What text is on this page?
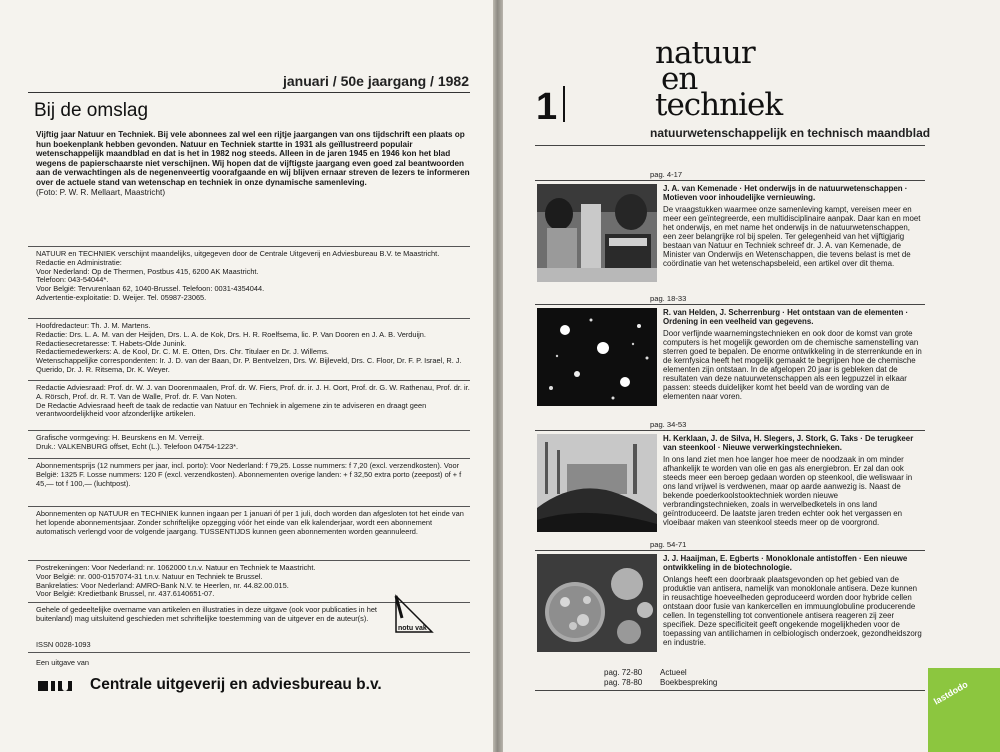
januari / 50e jaargang / 1982
Bij de omslag

Vijftig jaar Natuur en Techniek. Bij vele abonnees zal wel een rijtje jaargangen van ons tijdschrift een plaats op hun boekenplank hebben gevonden. Natuur en Techniek startte in 1931 als geïllustreerd populair wetenschappelijk maandblad en dat is het in 1982 nog steeds. Alleen in de jaren 1945 en 1946 kon het blad wegens de papierschaarste niet verschijnen. Wij hopen dat de vijftigste jaargang even goed zal beantwoorden aan de verwachtingen als de negenenveertig voorafgaande en wij blijven ernaar streven de lezers te informeren over de actuele stand van wetenschap en techniek in onze dynamische samenleving.

(Foto: P. W. R. Mellaart, Maastricht)

NATUUR en TECHNIEK verschijnt maandelijks, uitgegeven door de Centrale Uitgeverij en Adviesbureau B.V. te Maastricht.

Redactie en Administratie:

Voor Nederland: Op de Thermen, Postbus 415, 6200 AK Maastricht.

Telefoon: 043-54044*.

Voor België: Tervurenlaan 62, 1040-Brussel. Telefoon: 0031-4354044.

Advertentie-exploitatie: D. Weijer. Tel. 05987-23065.

Hoofdredacteur: Th. J. M. Martens.

Redactie: Drs. L. A. M. van der Heijden, Drs. L. A. de Kok, Drs. H. R. Roelfsema, lic. P. Van Dooren en J. A. B. Verduijn. Redactiesecretaresse: T. Habets-Olde Junink.

Redactiemedewerkers: A. de Kool, Dr. C. M. E. Otten, Drs. Chr. Titulaer en Dr. J. Willems.

Wetenschappelijke correspondenten: Ir. J. D. van der Baan, Dr. P. Bentvelzen, Drs. W. Bijleveld, Drs. C. Floor, Dr. F. P. Israel, R. J. Querido, Dr. J. R. Ritsema, Dr. K. Weyer.

Redactie Adviesraad: Prof. dr. W. J. van Doorenmaalen, Prof. dr. W. Fiers, Prof. dr. ir. J. H. Oort, Prof. dr. G. W. Rathenau, Prof. dr. ir. A. Rörsch, Prof. dr. R. T. Van de Walle, Prof. dr. F. Van Noten.

De Redactie Adviesraad heeft de taak de redactie van Natuur en Techniek in algemene zin te adviseren en draagt geen verantwoordelijkheid voor afzonderlijke artikelen.

Grafische vormgeving: H. Beurskens en M. Verreijt.

Druk.: VALKENBURG offset, Echt (L.). Telefoon 04754-1223*.

Abonnementsprijs (12 nummers per jaar, incl. porto): Voor Nederland: f 79,25. Losse nummers: f 7,20 (excl. verzendkosten). Voor België: 1325 F. Losse nummers: 120 F (excl. verzendkosten). Abonnementen overige landen: + f 32,50 extra porto (zeepost) of + f 45,— tot f 100,— (luchtpost).

Abonnementen op NATUUR en TECHNIEK kunnen ingaan per 1 januari óf per 1 juli, doch worden dan afgesloten tot het einde van het lopende abonnementsjaar. Zonder schriftelijke opzegging vóór het einde van elk kalenderjaar, wordt een abonnement automatisch verlengd voor de volgende jaargang. TUSSENTIJDS kunnen geen abonnementen worden geannuleerd.

Postrekeningen: Voor Nederland: nr. 1062000 t.n.v. Natuur en Techniek te Maastricht.

Voor België: nr. 000-0157074-31 t.n.v. Natuur en Techniek te Brussel.

Bankrelaties: Voor Nederland: AMRO-Bank N.V. te Heerlen, nr. 44.82.00.015.

Voor België: Kredietbank Brussel, nr. 437.6140651-07.

Gehele of gedeeltelijke overname van artikelen en illustraties in deze uitgave (ook voor publicaties in het buitenland) mag uitsluitend geschieden met schriftelijke toestemming van de uitgever en de auteur(s).

notu vak
ISSN 0028-1093
Een uitgave van
Centrale uitgeverij en adviesbureau b.v.
1
natuur
en
techniek
natuurwetenschappelijk en technisch maandblad
pag. 4-17
J. A. van Kemenade · Het onderwijs in de natuurwetenschappen · Motieven voor inhoudelijke vernieuwing.
De vraagstukken waarmee onze samenleving kampt, vereisen meer en meer een geïntegreerde, een multidisciplinaire aanpak. Daar kan en moet het onderwijs, en met name het onderwijs in de natuurwetenschappen, een zeer belangrijke rol bij spelen. Ter gelegenheid van het vijftigjarig bestaan van Natuur en Techniek schreef dr. J. A. van Kemenade, de Minister van Onderwijs en Wetenschappen, die tevens belast is met de coördinatie van het wetenschapsbeleid, een artikel over dit thema.
pag. 18-33
R. van Helden, J. Scherrenburg · Het ontstaan van de elementen · Ordening in een veelheid van gegevens.
Door verfijnde waarnemingstechnieken en ook door de komst van grote computers is het mogelijk geworden om de chemische samenstelling van sterren goed te bepalen. De enorme ontwikkeling in de sterrenkunde en in de kernfysica heeft het mogelijk gemaakt te begrijpen hoe de chemische elementen zijn ontstaan. In de afgelopen 20 jaar is gebleken dat de resultaten van deze natuurwetenschappen als een legpuzzel in elkaar passen: steeds duidelijker komt het beeld van de wording van de elementen naar voren.
pag. 34-53
H. Kerklaan, J. de Silva, H. Slegers, J. Stork, G. Taks · De terugkeer van steenkool · Nieuwe verwerkingstechnieken.
In ons land ziet men hoe langer hoe meer de noodzaak in om minder afhankelijk te worden van olie en gas als energiebron. Er zal dan ook steeds meer een beroep gedaan worden op steenkool, die weliswaar in ons land vrijwel is verdwenen, maar op aarde aanwezig is. Naast de bekende poederkoolstooktechniek worden nieuwe verbrandingstechnieken, zoals in wervelbedketels in ons land geïntroduceerd. De laatste jaren treden echter ook het vergassen en vloeibaar maken van steenkool steeds meer op de voorgrond.
pag. 54-71
J. J. Haaijman, E. Egberts · Monoklonale antistoffen · Een nieuwe ontwikkeling in de biotechnologie.
Onlangs heeft een doorbraak plaatsgevonden op het gebied van de produktie van antisera, namelijk van monoklonale antisera. Deze kunnen in reusachtige hoeveelheden geproduceerd worden door hybride cellen ontstaan door fusie van kankercellen en immuunglobuline producerende cellen. In tegenstelling tot conventionele antisera reageren zij zeer specifiek. Deze specificiteit geeft ongekende mogelijkheden voor de toepassing van antilichamen in celbiologisch onderzoek, gezondheidszorg en industrie.
pag. 72-80	Actueel
pag. 78-80	Boekbespreking	lastdodo
